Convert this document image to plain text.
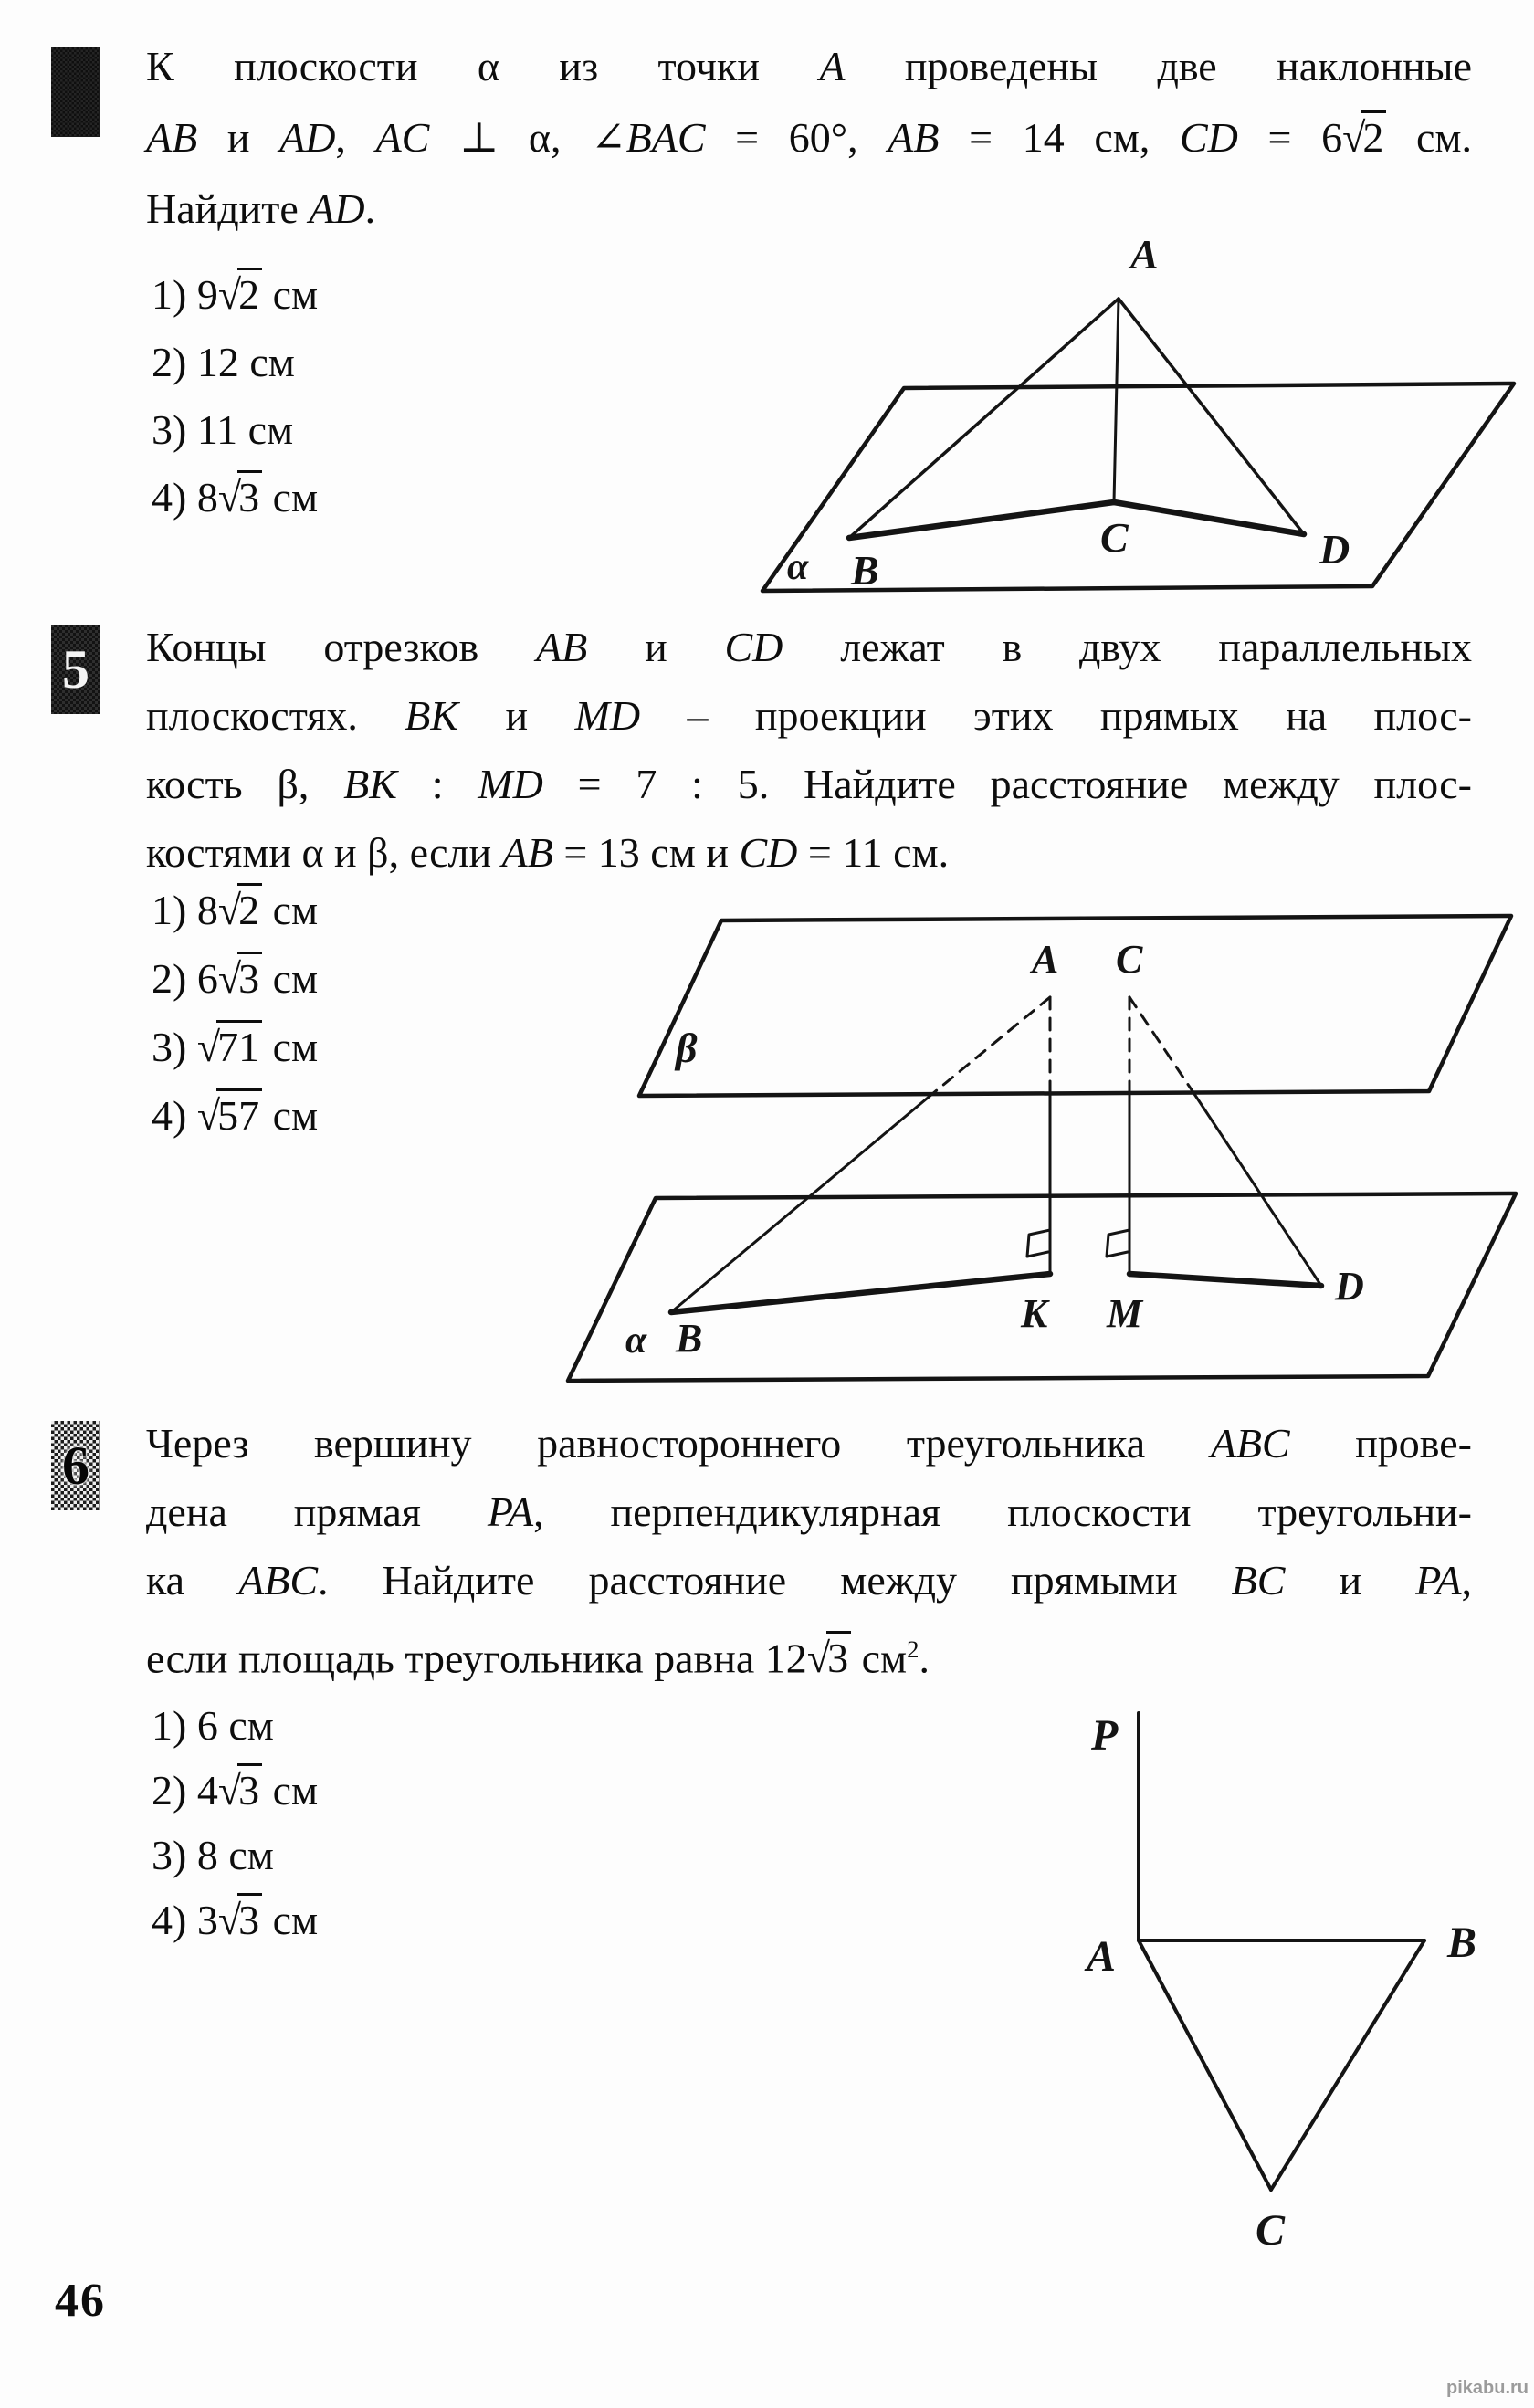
К плоскости α из точки A проведены две наклонные
AB и AD, AC ⊥ α, ∠BAC = 60°, AB = 14 см, CD = 6√2 см.
Найдите AD.
1) 9√2 см
2) 12 см
3) 11 см
4) 8√3 см
A
B
C	D
α
5 Концы отрезков AB и CD лежат в двух параллельных
плоскостях. BK и MD – проекции этих прямых на плос-
кость β, BK : MD = 7 : 5. Найдите расстояние между плос-
костями α и β, если AB = 13 см и CD = 11 см.
1) 8√2 см
2) 6√3 см
3) √71 см
4) √57 см
A C
β
α B
K M
D
6 Через вершину равностороннего треугольника ABC прове-
дена прямая PA, перпендикулярная плоскости треугольни-
ка ABC. Найдите расстояние между прямыми BC и PA,
если площадь треугольника равна 12√3 $см^2$.
1) 6 см
2) 4√3 см
3) 8 см
4) 3√3 см
P
A	B
C
46
pikabu.ru
